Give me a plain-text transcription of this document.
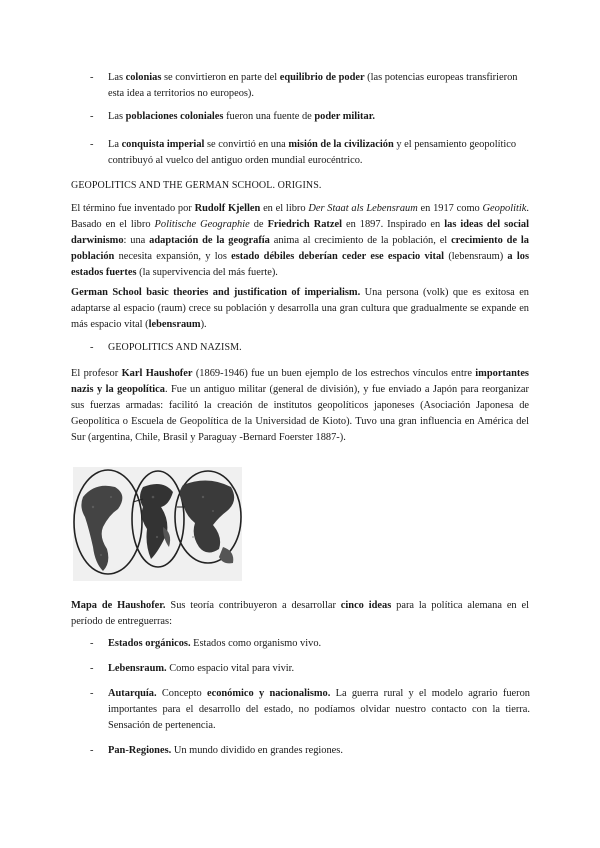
- Las colonias se convirtieron en parte del equilibrio de poder (las potencias europeas transfirieron esta idea a territorios no europeos).

- Las poblaciones coloniales fueron una fuente de poder militar.

- La conquista imperial se convirtió en una misión de la civilización y el pensamiento geopolítico contribuyó al vuelco del antiguo orden mundial eurocéntrico.

GEOPOLITICS AND THE GERMAN SCHOOL. ORIGINS.

El término fue inventado por Rudolf Kjellen en el libro Der Staat als Lebensraum en 1917 como Geopolitik. Basado en el libro Politische Geographie de Friedrich Ratzel en 1897. Inspirado en las ideas del social darwinismo: una adaptación de la geografía anima al crecimiento de la población, el crecimiento de la población necesita expansión, y los estado débiles deberían ceder ese espacio vital (lebensraum) a los estados fuertes (la supervivencia del más fuerte).

German School basic theories and justification of imperialism. Una persona (volk) que es exitosa en adaptarse al espacio (raum) crece su población y desarrolla una gran cultura que gradualmente se expande en más espacio vital (lebensraum).

- GEOPOLITICS AND NAZISM.

El profesor Karl Haushofer (1869-1946) fue un buen ejemplo de los estrechos vínculos entre importantes nazis y la geopolítica. Fue un antiguo militar (general de división), y fue enviado a Japón para reorganizar sus fuerzas armadas: facilitó la creación de institutos geopolíticos japoneses (Asociación Japonesa de Geopolítica o Escuela de Geopolítica de la Universidad de Kioto). Tuvo una gran influencia en América del Sur (argentina, Chile, Brasil y Paraguay -Bernard Foerster 1887-).

Mapa de Haushofer. Sus teoría contribuyeron a desarrollar cinco ideas para la política alemana en el período de entreguerras:

- Estados orgánicos. Estados como organismo vivo.

- Lebensraum. Como espacio vital para vivir.

- Autarquía. Concepto económico y nacionalismo. La guerra rural y el modelo agrario fueron importantes para el desarrollo del estado, no podíamos olvidar nuestro contacto con la tierra. Sensación de pertenencia.

- Pan-Regiones. Un mundo dividido en grandes regiones.
